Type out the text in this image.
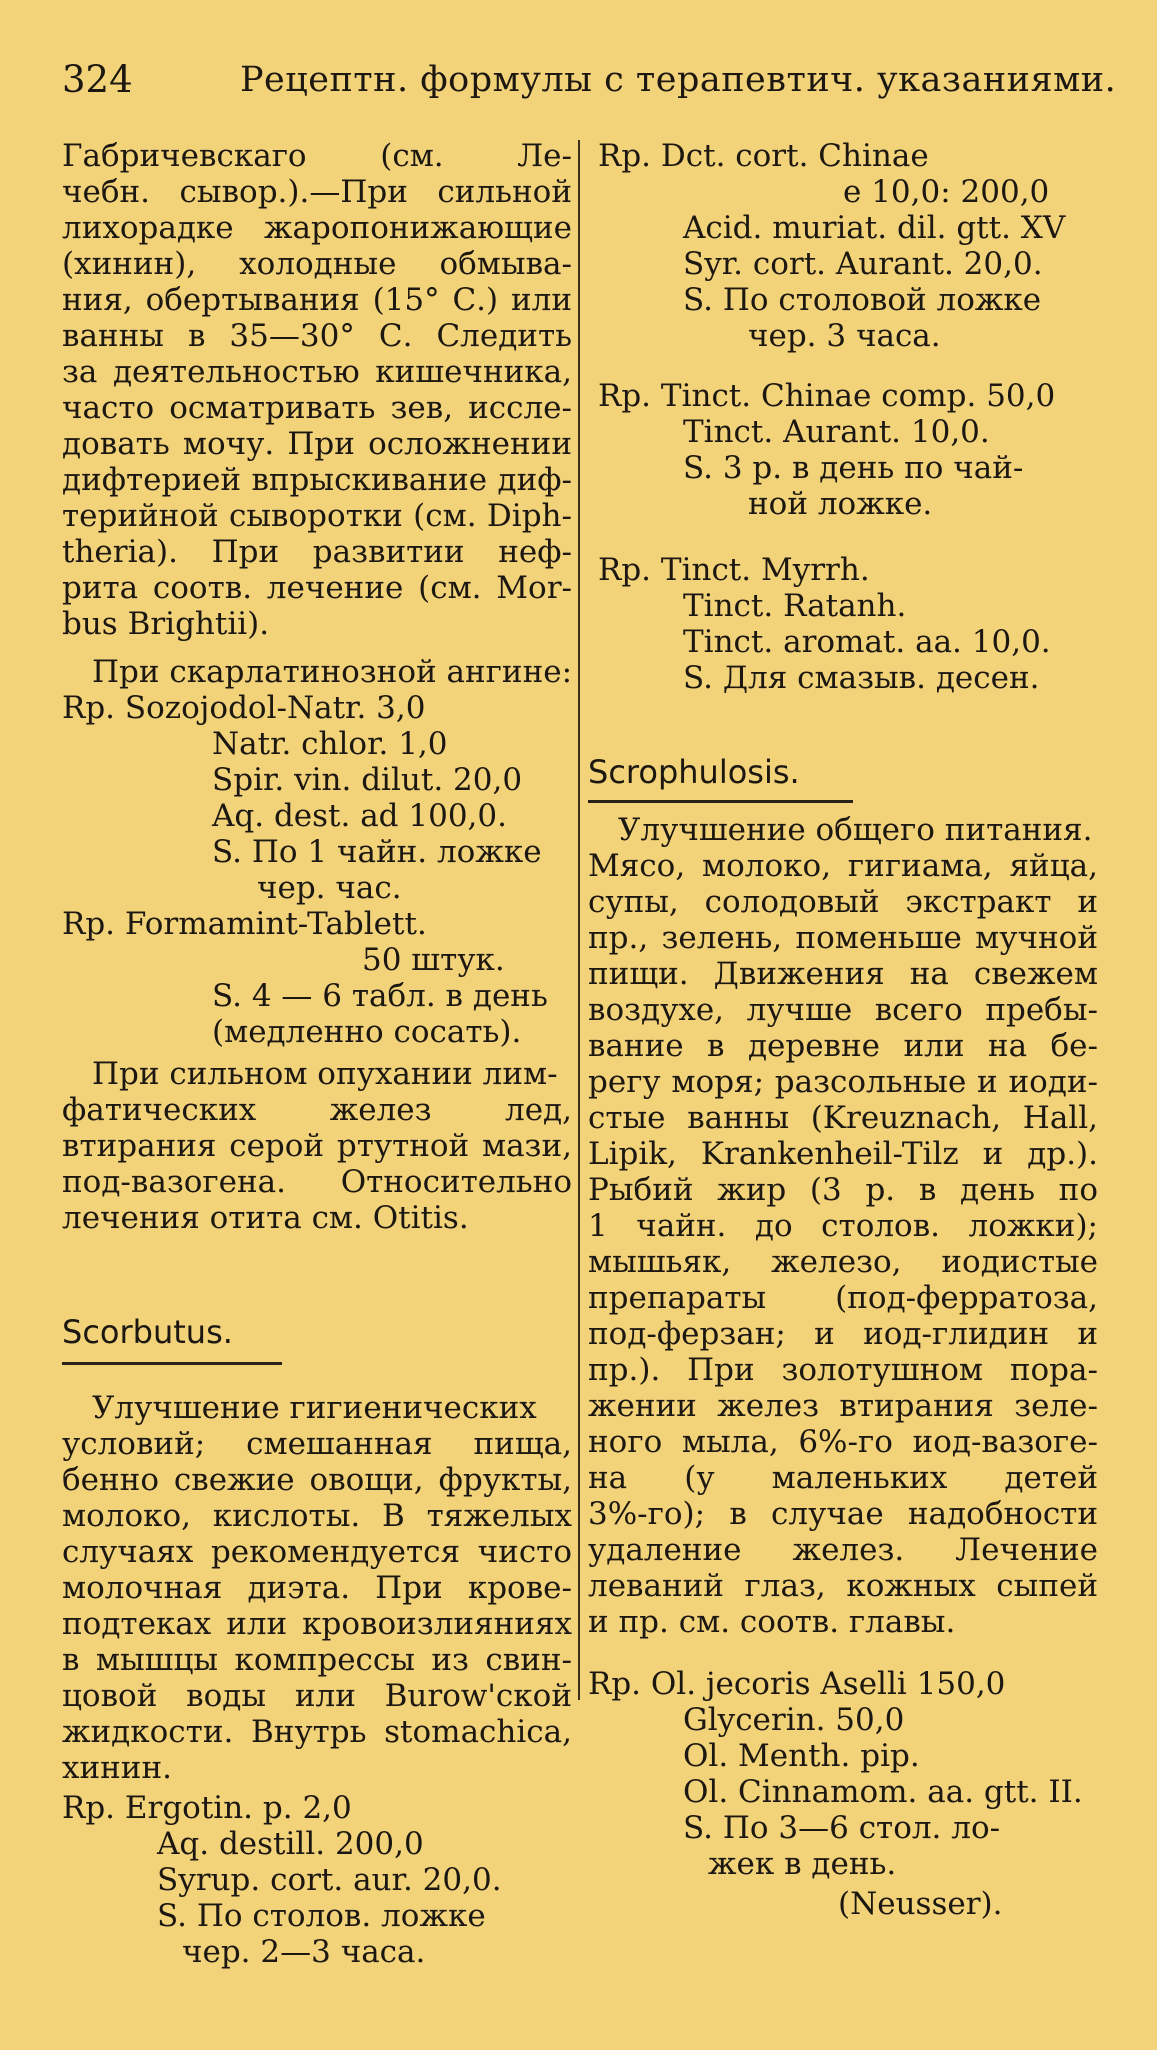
324	Рецептн. формулы с терапевтич. указаниями.
Габричевскаго (см. Ле-
чебн. сывор.).—При сильной
лихорадке жаропонижающие
(хинин), холодные обмыва-
ния, обертывания (15° С.) или
ванны в 35—30° С. Следить
за деятельностью кишечника,
часто осматривать зев, иссле-
довать мочу. При осложнении
дифтерией впрыскивание диф-
терийной сыворотки (см. Diph-
theria). При развитии неф-
рита соотв. лечение (см. Mor-
bus Brightii).
При скарлатинозной ангине:
Rp. Sozojodol-Natr. 3,0
Natr. chlor. 1,0
Spir. vin. dilut. 20,0
Aq. dest. ad 100,0.
S. По 1 чайн. ложке
чер. час.
Rp. Formamint-Tablett.
50 штук.
S. 4 — 6 табл. в день
(медленно сосать).
При сильном опухании лим-
фатических желез лед,
втирания серой ртутной мази,
под-вазогена. Относительно
лечения отита см. Otitis.
Scorbutus.
Улучшение гигиенических
условий; смешанная пища,
бенно свежие овощи, фрукты,
молоко, кислоты. В тяжелых
случаях рекомендуется чисто
молочная диэта. При крове-
подтеках или кровоизлияниях
в мышцы компрессы из свин-
цовой воды или Burow'ской
жидкости. Внутрь stomachica,
хинин.
Rp. Ergotin. p. 2,0
Aq. destill. 200,0
Syrup. cort. aur. 20,0.
S. По столов. ложке
чер. 2—3 часа.
Rp. Dct. cort. Chinae
e 10,0: 200,0
Acid. muriat. dil. gtt. XV
Syr. cort. Aurant. 20,0.
S. По столовой ложке
чер. 3 часа.
Rp. Tinct. Chinae comp. 50,0
Tinct. Aurant. 10,0.
S. 3 р. в день по чай-
ной ложке.
Rp. Tinct. Myrrh.
Tinct. Ratanh.
Tinct. aromat. aa. 10,0.
S. Для смазыв. десен.
Scrophulosis.
Улучшение общего питания.
Мясо, молоко, гигиама, яйца,
супы, солодовый экстракт и
пр., зелень, поменьше мучной
пищи. Движения на свежем
воздухе, лучше всего пребы-
вание в деревне или на бе-
регу моря; разсольные и иоди-
стые ванны (Kreuznach, Hall,
Lipik, Krankenheil-Tilz и др.).
Рыбий жир (3 р. в день по
1 чайн. до столов. ложки);
мышьяк, железо, иодистые
препараты (под-ферратоза,
под-ферзан; и иод-глидин и
пр.). При золотушном пора-
жении желез втирания зеле-
ного мыла, 6%-го иод-вазоге-
на (у маленьких детей
3%-го); в случае надобности
удаление желез. Лечение
леваний глаз, кожных сыпей
и пр. см. соотв. главы.
Rp. Ol. jecoris Aselli 150,0
Glycerin. 50,0
Ol. Menth. pip.
Ol. Cinnamom. aa. gtt. II.
S. По 3—6 стол. ло-
жек в день.
(Neusser).
